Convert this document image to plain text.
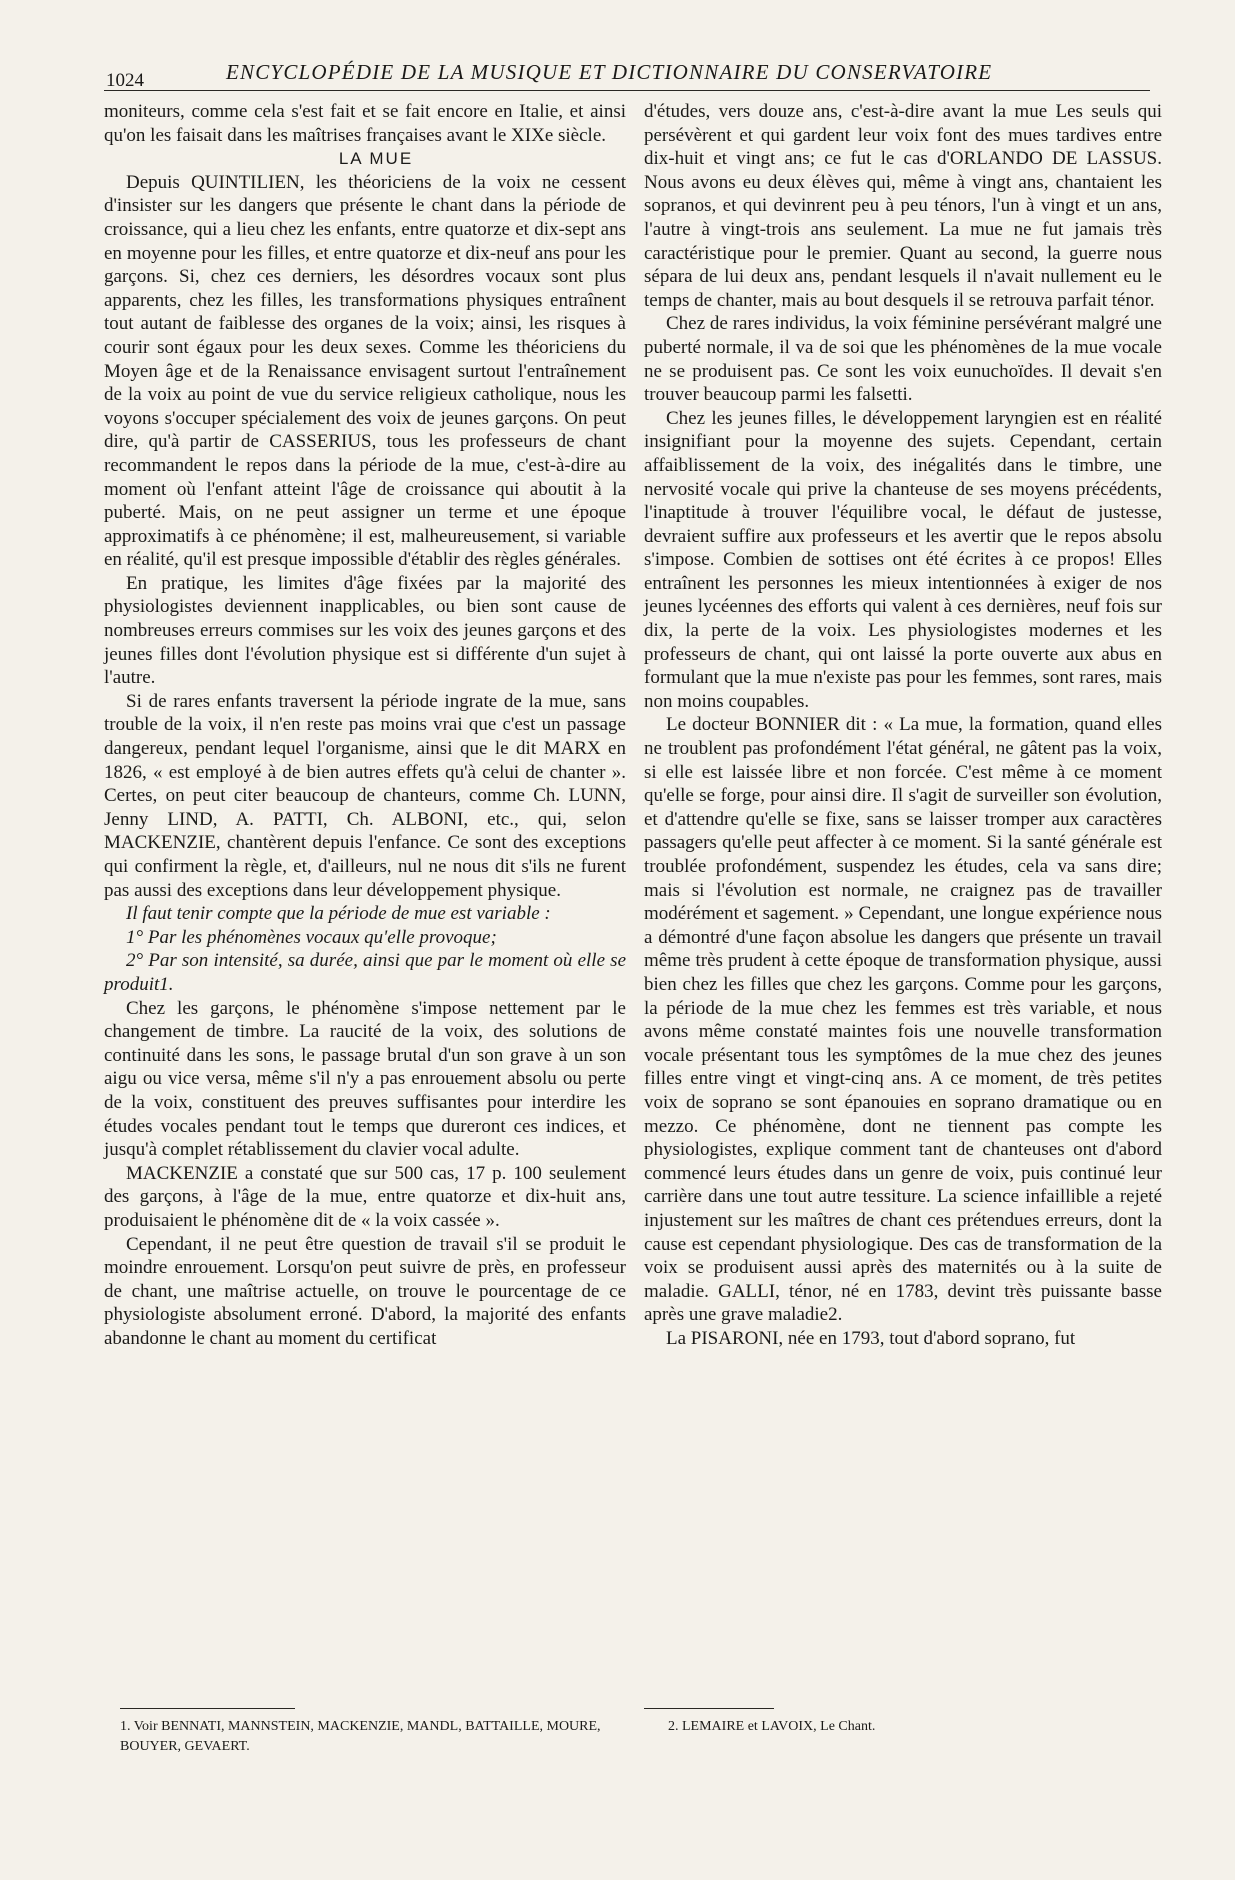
1024	ENCYCLOPÉDIE DE LA MUSIQUE ET DICTIONNAIRE DU CONSERVATOIRE

moniteurs, comme cela s'est fait et se fait encore en Italie, et ainsi qu'on les faisait dans les maîtrises françaises avant le XIXe siècle.

LA MUE

Depuis QUINTILIEN, les théoriciens de la voix ne cessent d'insister sur les dangers que présente le chant dans la période de croissance, qui a lieu chez les enfants, entre quatorze et dix-sept ans en moyenne pour les filles, et entre quatorze et dix-neuf ans pour les garçons. Si, chez ces derniers, les désordres vocaux sont plus apparents, chez les filles, les transformations physiques entraînent tout autant de faiblesse des organes de la voix; ainsi, les risques à courir sont égaux pour les deux sexes. Comme les théoriciens du Moyen âge et de la Renaissance envisagent surtout l'entraînement de la voix au point de vue du service religieux catholique, nous les voyons s'occuper spécialement des voix de jeunes garçons. On peut dire, qu'à partir de CASSERIUS, tous les professeurs de chant recommandent le repos dans la période de la mue, c'est-à-dire au moment où l'enfant atteint l'âge de croissance qui aboutit à la puberté. Mais, on ne peut assigner un terme et une époque approximatifs à ce phénomène; il est, malheureusement, si variable en réalité, qu'il est presque impossible d'établir des règles générales.

En pratique, les limites d'âge fixées par la majorité des physiologistes deviennent inapplicables, ou bien sont cause de nombreuses erreurs commises sur les voix des jeunes garçons et des jeunes filles dont l'évolution physique est si différente d'un sujet à l'autre.

Si de rares enfants traversent la période ingrate de la mue, sans trouble de la voix, il n'en reste pas moins vrai que c'est un passage dangereux, pendant lequel l'organisme, ainsi que le dit MARX en 1826, « est employé à de bien autres effets qu'à celui de chanter ». Certes, on peut citer beaucoup de chanteurs, comme Ch. LUNN, Jenny LIND, A. PATTI, Ch. ALBONI, etc., qui, selon MACKENZIE, chantèrent depuis l'enfance. Ce sont des exceptions qui confirment la règle, et, d'ailleurs, nul ne nous dit s'ils ne furent pas aussi des exceptions dans leur développement physique.

Il faut tenir compte que la période de mue est variable :

1° Par les phénomènes vocaux qu'elle provoque;

2° Par son intensité, sa durée, ainsi que par le moment où elle se produit1.

Chez les garçons, le phénomène s'impose nettement par le changement de timbre. La raucité de la voix, des solutions de continuité dans les sons, le passage brutal d'un son grave à un son aigu ou vice versa, même s'il n'y a pas enrouement absolu ou perte de la voix, constituent des preuves suffisantes pour interdire les études vocales pendant tout le temps que dureront ces indices, et jusqu'à complet rétablissement du clavier vocal adulte.

MACKENZIE a constaté que sur 500 cas, 17 p. 100 seulement des garçons, à l'âge de la mue, entre quatorze et dix-huit ans, produisaient le phénomène dit de « la voix cassée ».

Cependant, il ne peut être question de travail s'il se produit le moindre enrouement. Lorsqu'on peut suivre de près, en professeur de chant, une maîtrise actuelle, on trouve le pourcentage de ce physiologiste absolument erroné. D'abord, la majorité des enfants abandonne le chant au moment du certificat

d'études, vers douze ans, c'est-à-dire avant la mue Les seuls qui persévèrent et qui gardent leur voix font des mues tardives entre dix-huit et vingt ans; ce fut le cas d'ORLANDO DE LASSUS. Nous avons eu deux élèves qui, même à vingt ans, chantaient les sopranos, et qui devinrent peu à peu ténors, l'un à vingt et un ans, l'autre à vingt-trois ans seulement. La mue ne fut jamais très caractéristique pour le premier. Quant au second, la guerre nous sépara de lui deux ans, pendant lesquels il n'avait nullement eu le temps de chanter, mais au bout desquels il se retrouva parfait ténor.

Chez de rares individus, la voix féminine persévérant malgré une puberté normale, il va de soi que les phénomènes de la mue vocale ne se produisent pas. Ce sont les voix eunuchoïdes. Il devait s'en trouver beaucoup parmi les falsetti.

Chez les jeunes filles, le développement laryngien est en réalité insignifiant pour la moyenne des sujets. Cependant, certain affaiblissement de la voix, des inégalités dans le timbre, une nervosité vocale qui prive la chanteuse de ses moyens précédents, l'inaptitude à trouver l'équilibre vocal, le défaut de justesse, devraient suffire aux professeurs et les avertir que le repos absolu s'impose. Combien de sottises ont été écrites à ce propos! Elles entraînent les personnes les mieux intentionnées à exiger de nos jeunes lycéennes des efforts qui valent à ces dernières, neuf fois sur dix, la perte de la voix. Les physiologistes modernes et les professeurs de chant, qui ont laissé la porte ouverte aux abus en formulant que la mue n'existe pas pour les femmes, sont rares, mais non moins coupables.

Le docteur BONNIER dit : « La mue, la formation, quand elles ne troublent pas profondément l'état général, ne gâtent pas la voix, si elle est laissée libre et non forcée. C'est même à ce moment qu'elle se forge, pour ainsi dire. Il s'agit de surveiller son évolution, et d'attendre qu'elle se fixe, sans se laisser tromper aux caractères passagers qu'elle peut affecter à ce moment. Si la santé générale est troublée profondément, suspendez les études, cela va sans dire; mais si l'évolution est normale, ne craignez pas de travailler modérément et sagement. » Cependant, une longue expérience nous a démontré d'une façon absolue les dangers que présente un travail même très prudent à cette époque de transformation physique, aussi bien chez les filles que chez les garçons. Comme pour les garçons, la période de la mue chez les femmes est très variable, et nous avons même constaté maintes fois une nouvelle transformation vocale présentant tous les symptômes de la mue chez des jeunes filles entre vingt et vingt-cinq ans. A ce moment, de très petites voix de soprano se sont épanouies en soprano dramatique ou en mezzo. Ce phénomène, dont ne tiennent pas compte les physiologistes, explique comment tant de chanteuses ont d'abord commencé leurs études dans un genre de voix, puis continué leur carrière dans une tout autre tessiture. La science infaillible a rejeté injustement sur les maîtres de chant ces prétendues erreurs, dont la cause est cependant physiologique. Des cas de transformation de la voix se produisent aussi après des maternités ou à la suite de maladie. GALLI, ténor, né en 1783, devint très puissante basse après une grave maladie2.

La PISARONI, née en 1793, tout d'abord soprano, fut

1. Voir BENNATI, MANNSTEIN, MACKENZIE, MANDL, BATTAILLE, MOURE, BOUYER, GEVAERT.
2. LEMAIRE et LAVOIX, Le Chant.
